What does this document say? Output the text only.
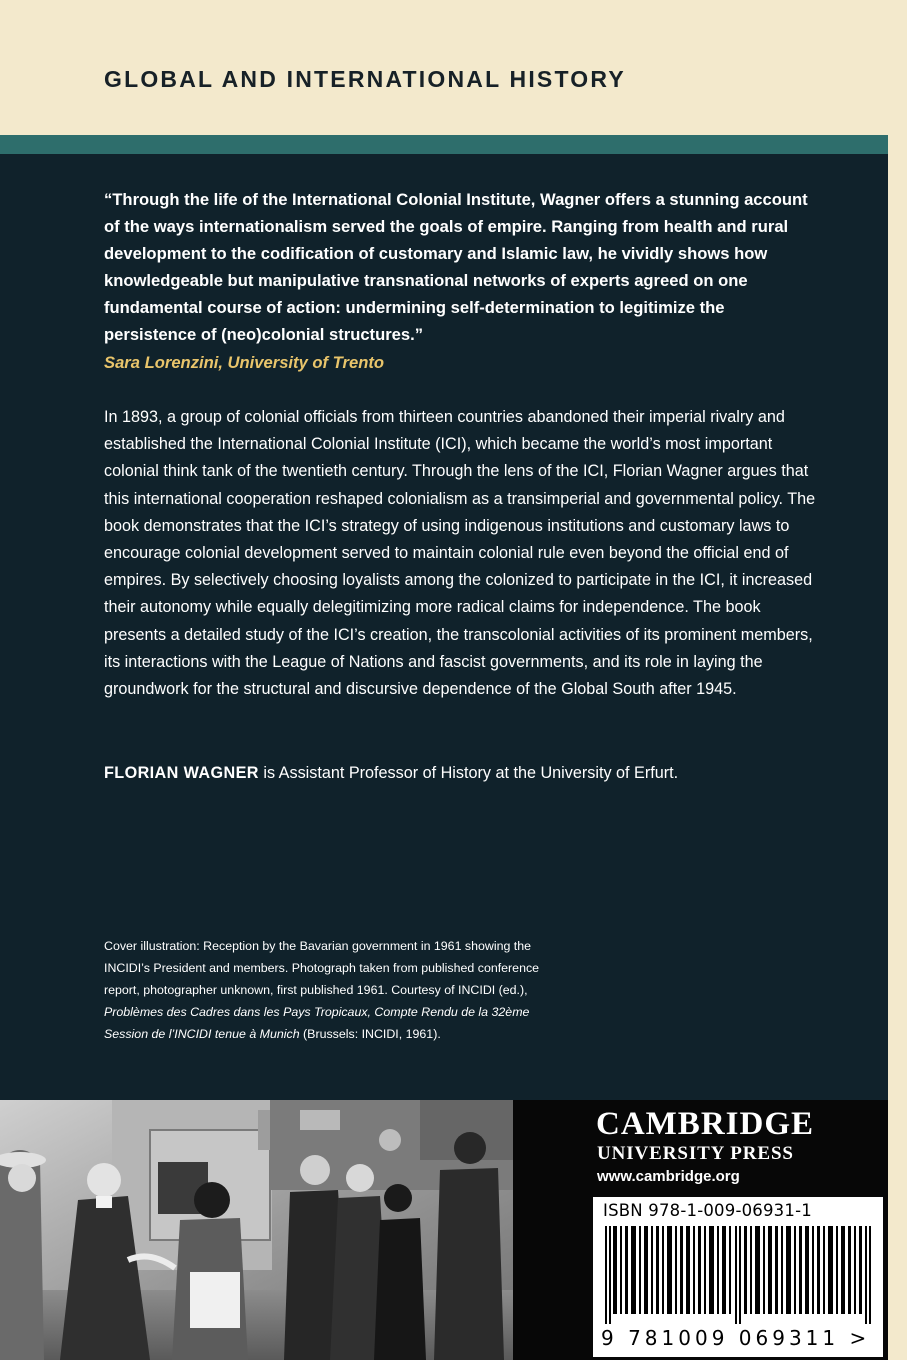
GLOBAL AND INTERNATIONAL HISTORY

“Through the life of the International Colonial Institute, Wagner offers a stunning account of the ways internationalism served the goals of empire. Ranging from health and rural development to the codification of customary and Islamic law, he vividly shows how knowledgeable but manipulative transnational networks of experts agreed on one fundamental course of action: undermining self-determination to legitimize the persistence of (neo)colonial structures.”

Sara Lorenzini, University of Trento

In 1893, a group of colonial officials from thirteen countries abandoned their imperial rivalry and established the International Colonial Institute (ICI), which became the world’s most important colonial think tank of the twentieth century. Through the lens of the ICI, Florian Wagner argues that this international cooperation reshaped colonialism as a transimperial and governmental policy. The book demonstrates that the ICI’s strategy of using indigenous institutions and customary laws to encourage colonial development served to maintain colonial rule even beyond the official end of empires. By selectively choosing loyalists among the colonized to participate in the ICI, it increased their autonomy while equally delegitimizing more radical claims for independence. The book presents a detailed study of the ICI’s creation, the transcolonial activities of its prominent members, its interactions with the League of Nations and fascist governments, and its role in laying the groundwork for the structural and discursive dependence of the Global South after 1945.

FLORIAN WAGNER is Assistant Professor of History at the University of Erfurt.

Cover illustration: Reception by the Bavarian government in 1961 showing the INCIDI’s President and members. Photograph taken from published conference report, photographer unknown, first published 1961. Courtesy of INCIDI (ed.), Problèmes des Cadres dans les Pays Tropicaux, Compte Rendu de la 32ème Session de l’INCIDI tenue à Munich (Brussels: INCIDI, 1961).

CAMBRIDGE
UNIVERSITY PRESS
www.cambridge.org

ISBN 978-1-009-06931-1

9 781009 069311 >
